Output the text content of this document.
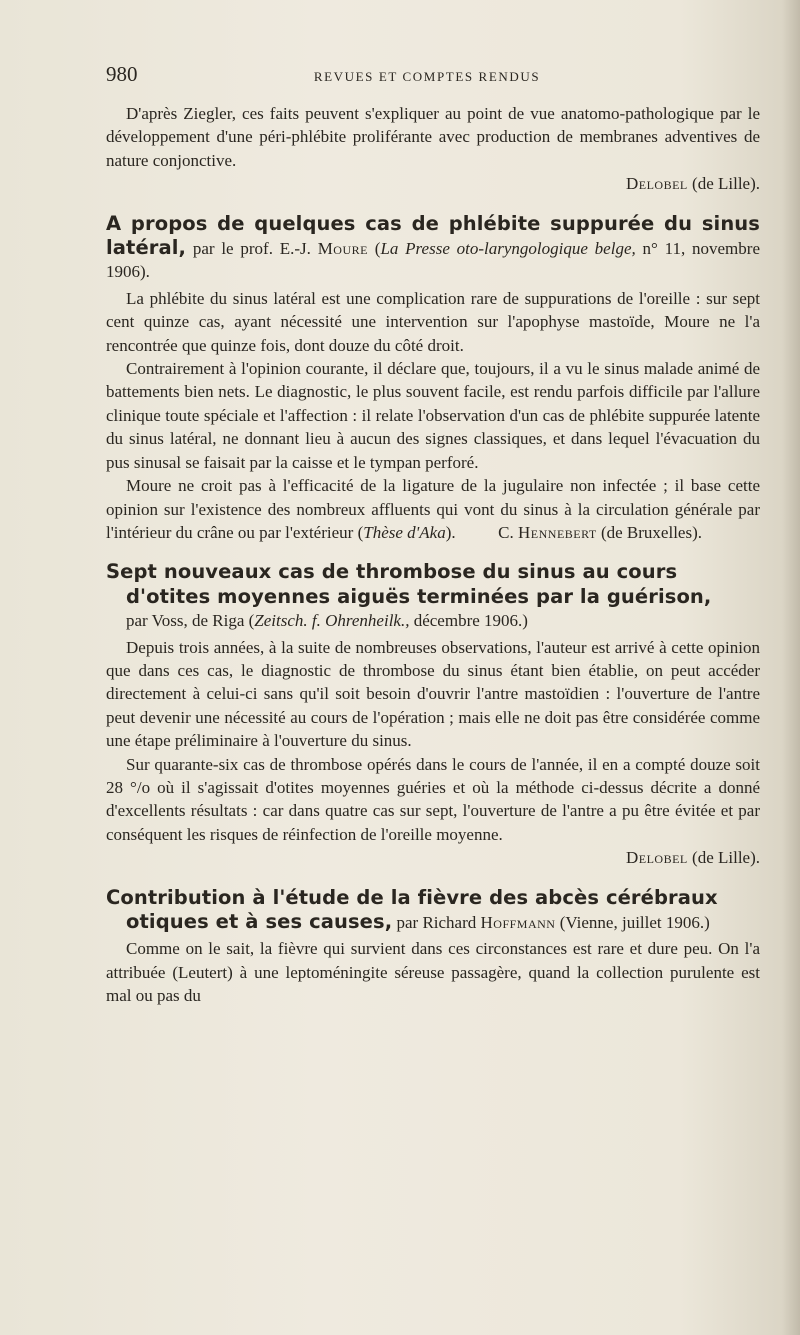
980	REVUES ET COMPTES RENDUS

D'après Ziegler, ces faits peuvent s'expliquer au point de vue anatomo-pathologique par le développement d'une péri-phlébite proliférante avec production de membranes adventives de nature conjonctive.

Delobel
(de Lille).

A propos de quelques cas de phlébite suppurée du sinus latéral, par le prof. E.-J. Moure (La Presse oto-laryngologique belge, n° 11, novembre 1906).

La phlébite du sinus latéral est une complication rare de suppurations de l'oreille : sur sept cent quinze cas, ayant nécessité une intervention sur l'apophyse mastoïde, Moure ne l'a rencontrée que quinze fois, dont douze du côté droit.

Contrairement à l'opinion courante, il déclare que, toujours, il a vu le sinus malade animé de battements bien nets. Le diagnostic, le plus souvent facile, est rendu parfois difficile par l'allure clinique toute spéciale et l'affection : il relate l'observation d'un cas de phlébite suppurée latente du sinus latéral, ne donnant lieu à aucun des signes classiques, et dans lequel l'évacuation du pus sinusal se faisait par la caisse et le tympan perforé.

Moure ne croit pas à l'efficacité de la ligature de la jugulaire non infectée ; il base cette opinion sur l'existence des nombreux affluents qui vont du sinus à la circulation générale par l'intérieur du crâne ou par l'extérieur (Thèse d'Aka).	C. Hennebert (de Bruxelles).

Sept nouveaux cas de thrombose du sinus au cours
d'otites moyennes aiguës terminées par la guérison,
par Voss, de Riga (Zeitsch. f. Ohrenheilk., décembre 1906.)

Depuis trois années, à la suite de nombreuses observations, l'auteur est arrivé à cette opinion que dans ces cas, le diagnostic de thrombose du sinus étant bien établie, on peut accéder directement à celui-ci sans qu'il soit besoin d'ouvrir l'antre mastoïdien : l'ouverture de l'antre peut devenir une nécessité au cours de l'opération ; mais elle ne doit pas être considérée comme une étape préliminaire à l'ouverture du sinus.

Sur quarante-six cas de thrombose opérés dans le cours de l'année, il en a compté douze soit 28 °/o où il s'agissait d'otites moyennes guéries et où la méthode ci-dessus décrite a donné d'excellents résultats : car dans quatre cas sur sept, l'ouverture de l'antre a pu être évitée et par conséquent les risques de réinfection de l'oreille moyenne.

Delobel
(de Lille).

Contribution à l'étude de la fièvre des abcès cérébraux
otiques et à ses causes, par Richard Hoffmann (Vienne, juillet 1906.)

Comme on le sait, la fièvre qui survient dans ces circonstances est rare et dure peu. On l'a attribuée (Leutert) à une leptoméningite séreuse passagère, quand la collection purulente est mal ou pas du
